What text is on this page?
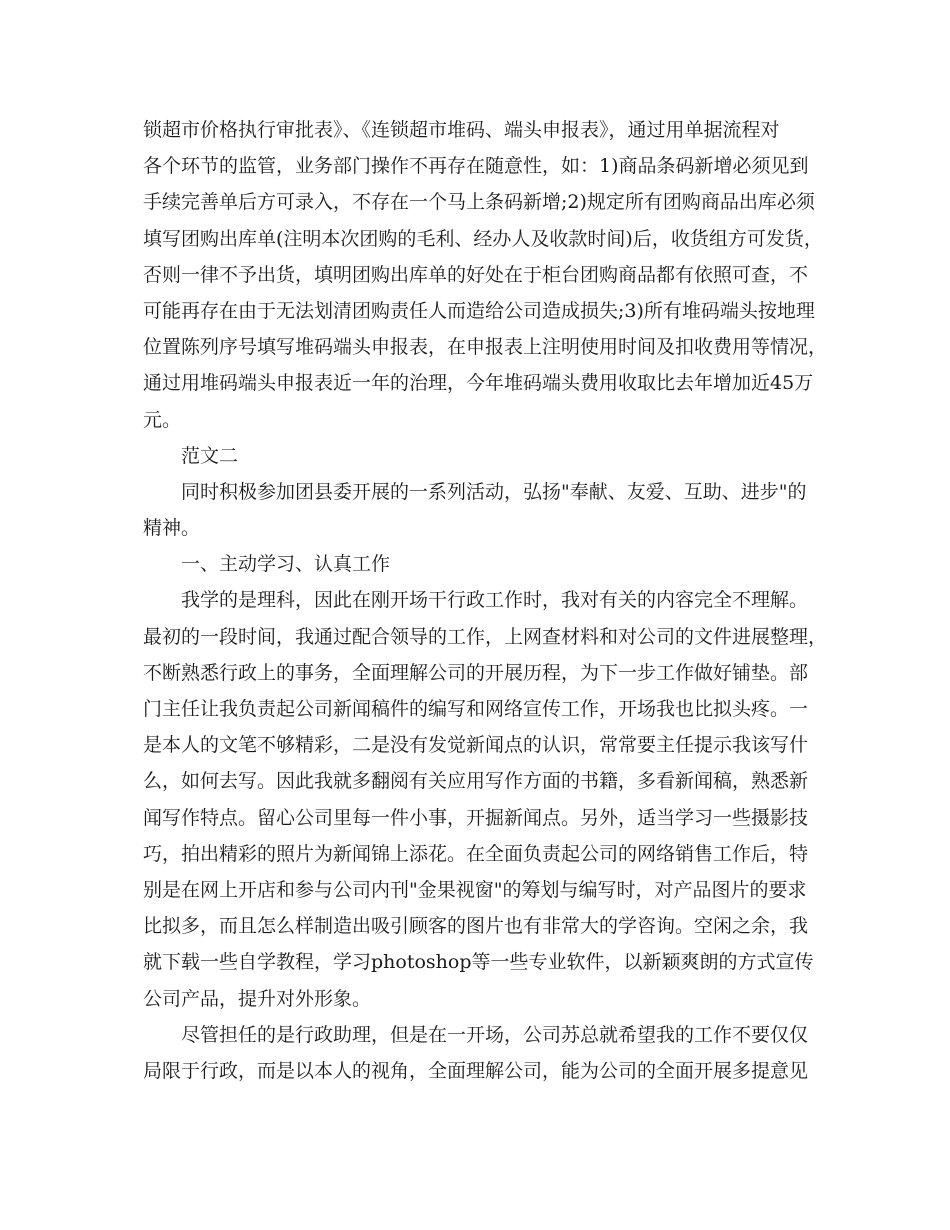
锁超市价格执行审批表》、《连锁超市堆码、端头申报表》，通过用单据流程对
各个环节的监管，业务部门操作不再存在随意性，如：1)商品条码新增必须见到
手续完善单后方可录入，不存在一个马上条码新增;2)规定所有团购商品出库必须
填写团购出库单(注明本次团购的毛利、经办人及收款时间)后，收货组方可发货，
否则一律不予出货，填明团购出库单的好处在于柜台团购商品都有依照可查，不
可能再存在由于无法划清团购责任人而造给公司造成损失;3)所有堆码端头按地理
位置陈列序号填写堆码端头申报表，在申报表上注明使用时间及扣收费用等情况，
通过用堆码端头申报表近一年的治理，今年堆码端头费用收取比去年增加近45万
元。
范文二
同时积极参加团县委开展的一系列活动，弘扬"奉献、友爱、互助、进步"的
精神。
一、主动学习、认真工作
我学的是理科，因此在刚开场干行政工作时，我对有关的内容完全不理解。
最初的一段时间，我通过配合领导的工作，上网查材料和对公司的文件进展整理，
不断熟悉行政上的事务，全面理解公司的开展历程，为下一步工作做好铺垫。部
门主任让我负责起公司新闻稿件的编写和网络宣传工作，开场我也比拟头疼。一
是本人的文笔不够精彩，二是没有发觉新闻点的认识，常常要主任提示我该写什
么，如何去写。因此我就多翻阅有关应用写作方面的书籍，多看新闻稿，熟悉新
闻写作特点。留心公司里每一件小事，开掘新闻点。另外，适当学习一些摄影技
巧，拍出精彩的照片为新闻锦上添花。在全面负责起公司的网络销售工作后，特
别是在网上开店和参与公司内刊"金果视窗"的筹划与编写时，对产品图片的要求
比拟多，而且怎么样制造出吸引顾客的图片也有非常大的学咨询。空闲之余，我
就下载一些自学教程，学习photoshop等一些专业软件，以新颖爽朗的方式宣传
公司产品，提升对外形象。
尽管担任的是行政助理，但是在一开场，公司苏总就希望我的工作不要仅仅
局限于行政，而是以本人的视角，全面理解公司，能为公司的全面开展多提意见
